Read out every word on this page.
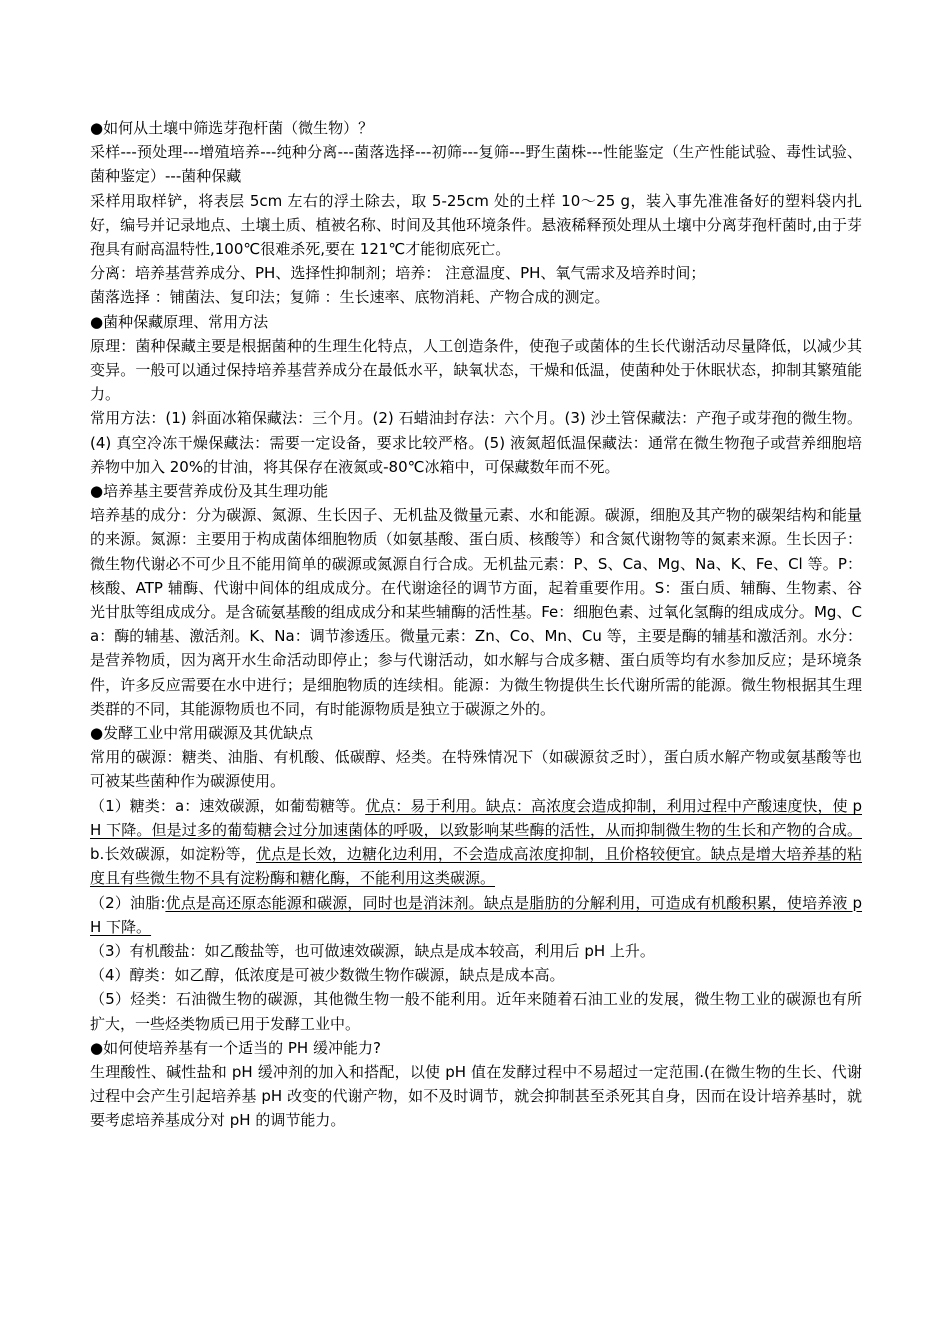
●如何从土壤中筛选芽孢杆菌（微生物）？

采样---预处理---增殖培养---纯种分离---菌落选择---初筛---复筛---野生菌株---性能鉴定（生产性能试验、毒性试验、菌种鉴定）---菌种保藏

采样用取样铲，将表层 5cm 左右的浮土除去，取 5-25cm 处的土样 10～25 g，装入事先准准备好的塑料袋内扎好，编号并记录地点、土壤土质、植被名称、时间及其他环境条件。悬液稀释预处理从土壤中分离芽孢杆菌时,由于芽孢具有耐高温特性,100℃很难杀死,要在 121℃才能彻底死亡。

分离：培养基营养成分、PH、选择性抑制剂；培养： 注意温度、PH、氧气需求及培养时间；

菌落选择 ：铺菌法、复印法；复筛 ：生长速率、底物消耗、产物合成的测定。

●菌种保藏原理、常用方法

原理：菌种保藏主要是根据菌种的生理生化特点，人工创造条件，使孢子或菌体的生长代谢活动尽量降低，以减少其变异。一般可以通过保持培养基营养成分在最低水平，缺氧状态，干燥和低温，使菌种处于休眠状态，抑制其繁殖能力。

常用方法：(1) 斜面冰箱保藏法：三个月。(2) 石蜡油封存法：六个月。(3) 沙土管保藏法：产孢子或芽孢的微生物。(4) 真空冷冻干燥保藏法：需要一定设备，要求比较严格。(5) 液氮超低温保藏法：通常在微生物孢子或营养细胞培养物中加入 20%的甘油，将其保存在液氮或-80℃冰箱中，可保藏数年而不死。

●培养基主要营养成份及其生理功能

培养基的成分：分为碳源、氮源、生长因子、无机盐及微量元素、水和能源。碳源，细胞及其产物的碳架结构和能量的来源。氮源：主要用于构成菌体细胞物质（如氨基酸、蛋白质、核酸等）和含氮代谢物等的氮素来源。生长因子：微生物代谢必不可少且不能用简单的碳源或氮源自行合成。无机盐元素：P、S、Ca、Mg、Na、K、Fe、Cl 等。P：核酸、ATP 辅酶、代谢中间体的组成成分。在代谢途径的调节方面，起着重要作用。S：蛋白质、辅酶、生物素、谷光甘肽等组成成分。是含硫氨基酸的组成成分和某些辅酶的活性基。Fe：细胞色素、过氧化氢酶的组成成分。Mg、Ca：酶的辅基、激活剂。K、Na：调节渗透压。微量元素：Zn、Co、Mn、Cu 等，主要是酶的辅基和激活剂。水分：是营养物质，因为离开水生命活动即停止；参与代谢活动，如水解与合成多糖、蛋白质等均有水参加反应；是环境条件，许多反应需要在水中进行；是细胞物质的连续相。能源：为微生物提供生长代谢所需的能源。微生物根据其生理类群的不同，其能源物质也不同，有时能源物质是独立于碳源之外的。

●发酵工业中常用碳源及其优缺点

常用的碳源：糖类、油脂、有机酸、低碳醇、烃类。在特殊情况下（如碳源贫乏时），蛋白质水解产物或氨基酸等也可被某些菌种作为碳源使用。

（1）糖类：a：速效碳源，如葡萄糖等。优点：易于利用。缺点：高浓度会造成抑制，利用过程中产酸速度快，使 pH 下降。但是过多的葡萄糖会过分加速菌体的呼吸，以致影响某些酶的活性，从而抑制微生物的生长和产物的合成。 b.长效碳源，如淀粉等，优点是长效，边糖化边利用，不会造成高浓度抑制，且价格较便宜。缺点是增大培养基的粘度且有些微生物不具有淀粉酶和糖化酶，不能利用这类碳源。

（2）油脂:优点是高还原态能源和碳源，同时也是消沫剂。缺点是脂肪的分解利用，可造成有机酸积累，使培养液 pH 下降。

（3）有机酸盐：如乙酸盐等，也可做速效碳源，缺点是成本较高，利用后 pH 上升。

（4）醇类：如乙醇，低浓度是可被少数微生物作碳源，缺点是成本高。

（5）烃类：石油微生物的碳源，其他微生物一般不能利用。近年来随着石油工业的发展，微生物工业的碳源也有所扩大，一些烃类物质已用于发酵工业中。

●如何使培养基有一个适当的 PH 缓冲能力?

生理酸性、碱性盐和 pH 缓冲剂的加入和搭配，以使 pH 值在发酵过程中不易超过一定范围.(在微生物的生长、代谢过程中会产生引起培养基 pH 改变的代谢产物，如不及时调节，就会抑制甚至杀死其自身，因而在设计培养基时，就要考虑培养基成分对 pH 的调节能力。
